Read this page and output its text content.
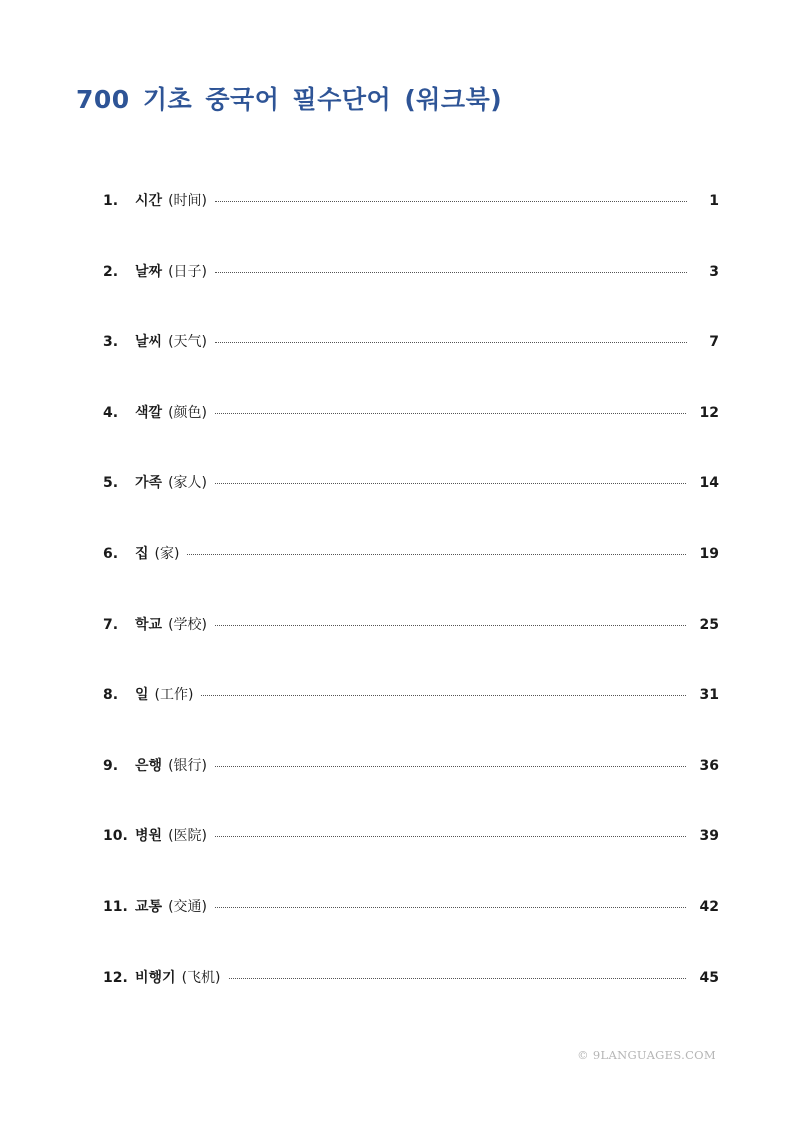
700 기초 중국어 필수단어 (워크북)
1.	시간 (时间)	1
2.	날짜 (日子)	3
3.	날씨 (天气)	7
4.	색깔 (颜色)	12
5.	가족 (家人)	14
6.	집 (家)	19
7.	학교 (学校)	25
8.	일 (工作)	31
9.	은행 (银行)	36
10. 병원 (医院)	39
11. 교통 (交通)	42
12. 비행기 (飞机)	45
© 9LANGUAGES.COM
